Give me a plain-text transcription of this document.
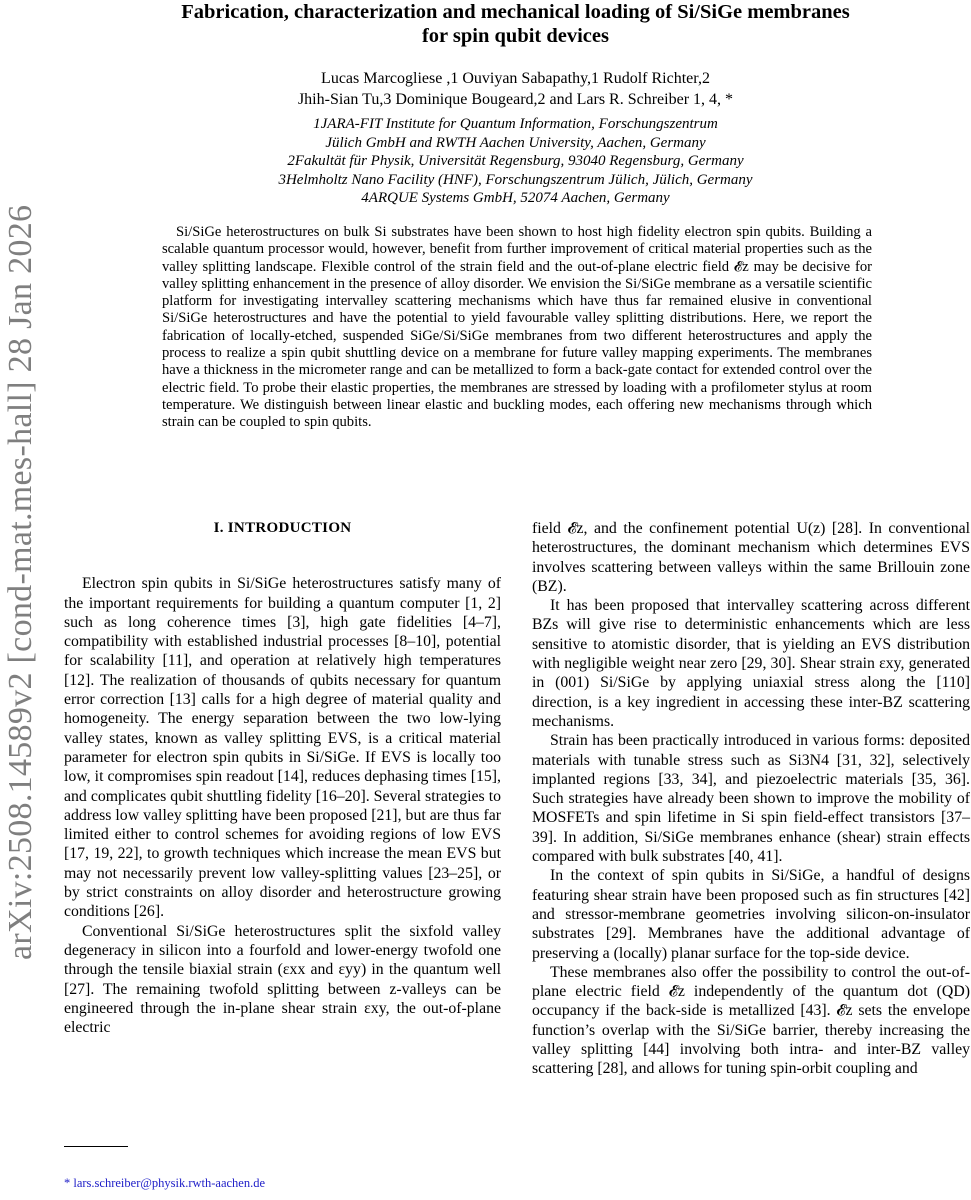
arXiv:2508.14589v2 [cond-mat.mes-hall] 28 Jan 2026
Fabrication, characterization and mechanical loading of Si/SiGe membranes
for spin qubit devices
Lucas Marcogliese ,1 Ouviyan Sabapathy,1 Rudolf Richter,2
Jhih-Sian Tu,3 Dominique Bougeard,2 and Lars R. Schreiber 1, 4, *
1JARA-FIT Institute for Quantum Information, Forschungszentrum
Jülich GmbH and RWTH Aachen University, Aachen, Germany
2Fakultät für Physik, Universität Regensburg, 93040 Regensburg, Germany
3Helmholtz Nano Facility (HNF), Forschungszentrum Jülich, Jülich, Germany
4ARQUE Systems GmbH, 52074 Aachen, Germany

Si/SiGe heterostructures on bulk Si substrates have been shown to host high fidelity electron spin qubits. Building a scalable quantum processor would, however, benefit from further improvement of critical material properties such as the valley splitting landscape. Flexible control of the strain field and the out-of-plane electric field 𝓔z may be decisive for valley splitting enhancement in the presence of alloy disorder. We envision the Si/SiGe membrane as a versatile scientific platform for investigating intervalley scattering mechanisms which have thus far remained elusive in conventional Si/SiGe heterostructures and have the potential to yield favourable valley splitting distributions. Here, we report the fabrication of locally-etched, suspended SiGe/Si/SiGe membranes from two different heterostructures and apply the process to realize a spin qubit shuttling device on a membrane for future valley mapping experiments. The membranes have a thickness in the micrometer range and can be metallized to form a back-gate contact for extended control over the electric field. To probe their elastic properties, the membranes are stressed by loading with a profilometer stylus at room temperature. We distinguish between linear elastic and buckling modes, each offering new mechanisms through which strain can be coupled to spin qubits.

I. INTRODUCTION

Electron spin qubits in Si/SiGe heterostructures satisfy many of the important requirements for building a quantum computer [1, 2] such as long coherence times [3], high gate fidelities [4–7], compatibility with established industrial processes [8–10], potential for scalability [11], and operation at relatively high temperatures [12]. The realization of thousands of qubits necessary for quantum error correction [13] calls for a high degree of material quality and homogeneity. The energy separation between the two low-lying valley states, known as valley splitting EVS, is a critical material parameter for electron spin qubits in Si/SiGe. If EVS is locally too low, it compromises spin readout [14], reduces dephasing times [15], and complicates qubit shuttling fidelity [16–20]. Several strategies to address low valley splitting have been proposed [21], but are thus far limited either to control schemes for avoiding regions of low EVS [17, 19, 22], to growth techniques which increase the mean EVS but may not necessarily prevent low valley-splitting values [23–25], or by strict constraints on alloy disorder and heterostructure growing conditions [26].

Conventional Si/SiGe heterostructures split the sixfold valley degeneracy in silicon into a fourfold and lower-energy twofold one through the tensile biaxial strain (εxx and εyy) in the quantum well [27]. The remaining twofold splitting between z-valleys can be engineered through the in-plane shear strain εxy, the out-of-plane electric

field 𝓔z, and the confinement potential U(z) [28]. In conventional heterostructures, the dominant mechanism which determines EVS involves scattering between valleys within the same Brillouin zone (BZ).

It has been proposed that intervalley scattering across different BZs will give rise to deterministic enhancements which are less sensitive to atomistic disorder, that is yielding an EVS distribution with negligible weight near zero [29, 30]. Shear strain εxy, generated in (001) Si/SiGe by applying uniaxial stress along the [110] direction, is a key ingredient in accessing these inter-BZ scattering mechanisms.

Strain has been practically introduced in various forms: deposited materials with tunable stress such as Si3N4 [31, 32], selectively implanted regions [33, 34], and piezoelectric materials [35, 36]. Such strategies have already been shown to improve the mobility of MOSFETs and spin lifetime in Si spin field-effect transistors [37–39]. In addition, Si/SiGe membranes enhance (shear) strain effects compared with bulk substrates [40, 41].

In the context of spin qubits in Si/SiGe, a handful of designs featuring shear strain have been proposed such as fin structures [42] and stressor-membrane geometries involving silicon-on-insulator substrates [29]. Membranes have the additional advantage of preserving a (locally) planar surface for the top-side device.

These membranes also offer the possibility to control the out-of-plane electric field 𝓔z independently of the quantum dot (QD) occupancy if the back-side is metallized [43]. 𝓔z sets the envelope function’s overlap with the Si/SiGe barrier, thereby increasing the valley splitting [44] involving both intra- and inter-BZ valley scattering [28], and allows for tuning spin-orbit coupling and

* lars.schreiber@physik.rwth-aachen.de
